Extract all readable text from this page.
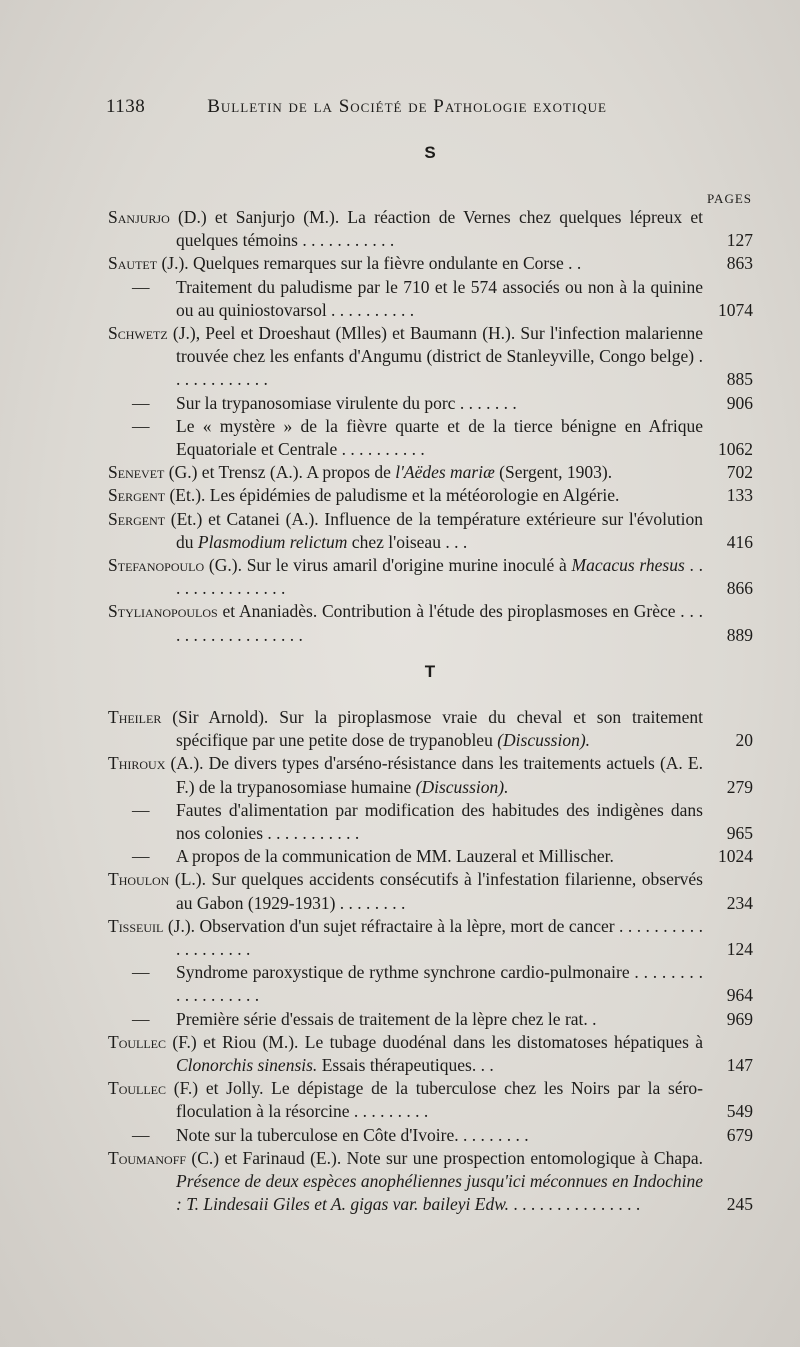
1138	Bulletin de la Société de Pathologie exotique
S
PAGES
Sanjurjo (D.) et Sanjurjo (M.). La réaction de Vernes chez quelques lépreux et quelques témoins . . . . . . . . . . .	127
Sautet (J.). Quelques remarques sur la fièvre ondulante en Corse . .	863
— Traitement du paludisme par le 710 et le 574 associés ou non à la quinine ou au quiniostovarsol . . . . . . . . . .	1074
Schwetz (J.), Peel et Droeshaut (Mlles) et Baumann (H.). Sur l'infection malarienne trouvée chez les enfants d'Angumu (district de Stanleyville, Congo belge) . . . . . . . . . . . .	885
— Sur la trypanosomiase virulente du porc . . . . . . .	906
— Le « mystère » de la fièvre quarte et de la tierce bénigne en Afrique Equatoriale et Centrale . . . . . . . . . .	1062
Senevet (G.) et Trensz (A.). A propos de l'Aëdes mariæ (Sergent, 1903).	702
Sergent (Et.). Les épidémies de paludisme et la météorologie en Algérie.	133
Sergent (Et.) et Catanei (A.). Influence de la température extérieure sur l'évolution du Plasmodium relictum chez l'oiseau . . .	416
Stefanopoulo (G.). Sur le virus amaril d'origine murine inoculé à Macacus rhesus . . . . . . . . . . . . . . .	866
Stylianopoulos et Ananiadès. Contribution à l'étude des piroplasmoses en Grèce . . . . . . . . . . . . . . . . . .	889
T
Theiler (Sir Arnold). Sur la piroplasmose vraie du cheval et son traitement spécifique par une petite dose de trypanobleu (Discussion).	20
Thiroux (A.). De divers types d'arséno-résistance dans les traitements actuels (A. E. F.) de la trypanosomiase humaine (Discussion).	279
— Fautes d'alimentation par modification des habitudes des indigènes dans nos colonies . . . . . . . . . . .	965
— A propos de la communication de MM. Lauzeral et Millischer.	1024
Thoulon (L.). Sur quelques accidents consécutifs à l'infestation filarienne, observés au Gabon (1929-1931) . . . . . . . .	234
Tisseuil (J.). Observation d'un sujet réfractaire à la lèpre, mort de cancer . . . . . . . . . . . . . . . . . . .	124
— Syndrome paroxystique de rythme synchrone cardio-pulmonaire . . . . . . . . . . . . . . . . . .	964
— Première série d'essais de traitement de la lèpre chez le rat. .	969
Toullec (F.) et Riou (M.). Le tubage duodénal dans les distomatoses hépatiques à Clonorchis sinensis. Essais thérapeutiques. . .	147
Toullec (F.) et Jolly. Le dépistage de la tuberculose chez les Noirs par la séro-floculation à la résorcine . . . . . . . . .	549
— Note sur la tuberculose en Côte d'Ivoire. . . . . . . . .	679
Toumanoff (C.) et Farinaud (E.). Note sur une prospection entomologique à Chapa. Présence de deux espèces anophéliennes jusqu'ici méconnues en Indochine : T. Lindesaii Giles et A. gigas var. baileyi Edw. . . . . . . . . . . . . . . .	245
